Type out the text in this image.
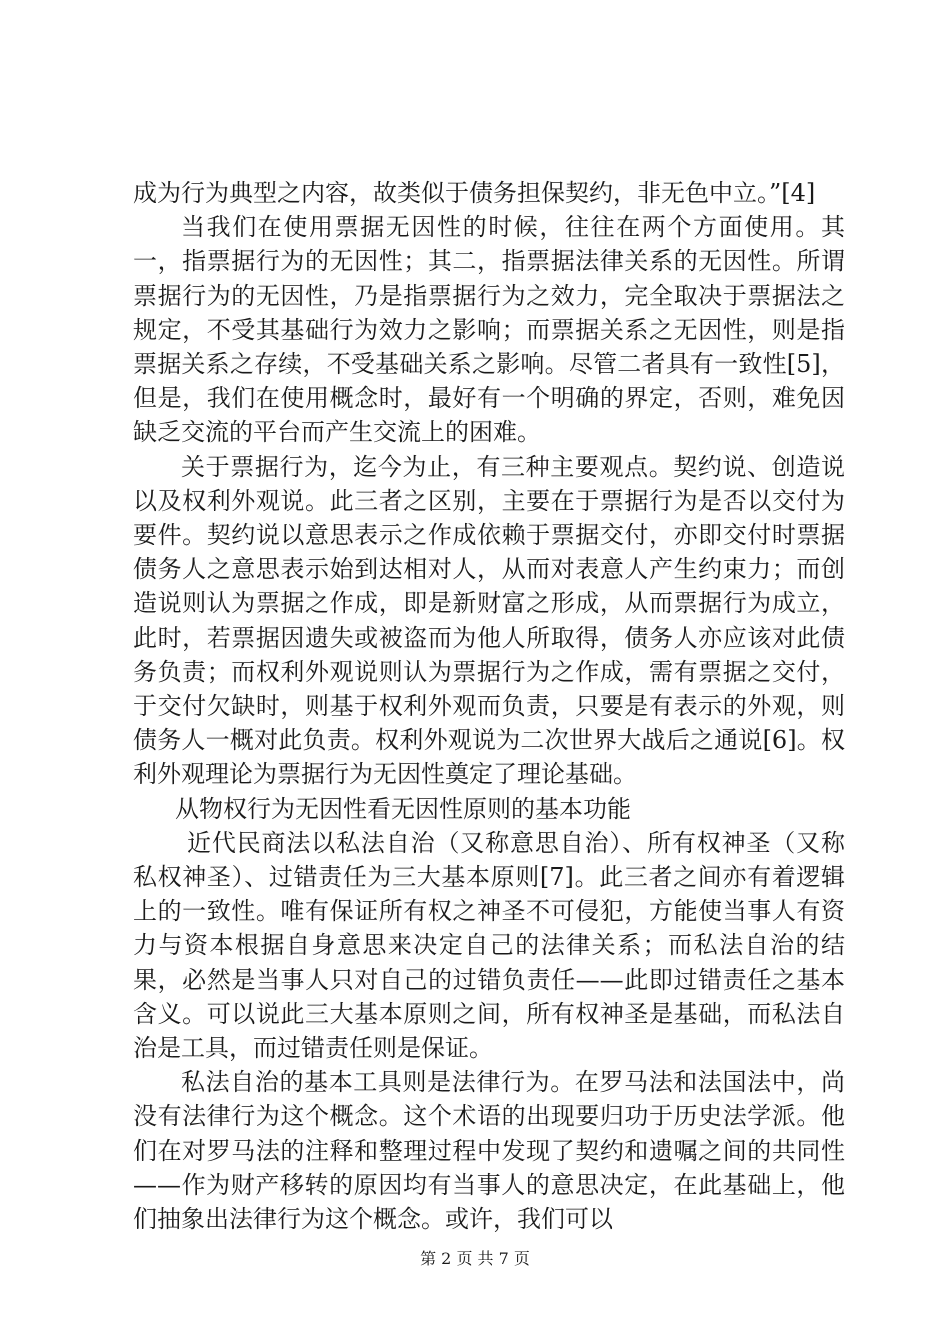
成为行为典型之内容，故类似于债务担保契约，非无色中立。”[4]

当我们在使用票据无因性的时候，往往在两个方面使用。其一，指票据行为的无因性；其二，指票据法律关系的无因性。所谓票据行为的无因性，乃是指票据行为之效力，完全取决于票据法之规定，不受其基础行为效力之影响；而票据关系之无因性，则是指票据关系之存续，不受基础关系之影响。尽管二者具有一致性[5]，但是，我们在使用概念时，最好有一个明确的界定，否则，难免因缺乏交流的平台而产生交流上的困难。

关于票据行为，迄今为止，有三种主要观点。契约说、创造说以及权利外观说。此三者之区别，主要在于票据行为是否以交付为要件。契约说以意思表示之作成依赖于票据交付，亦即交付时票据债务人之意思表示始到达相对人，从而对表意人产生约束力；而创造说则认为票据之作成，即是新财富之形成，从而票据行为成立，此时，若票据因遗失或被盗而为他人所取得，债务人亦应该对此债务负责；而权利外观说则认为票据行为之作成，需有票据之交付，于交付欠缺时，则基于权利外观而负责，只要是有表示的外观，则债务人一概对此负责。权利外观说为二次世界大战后之通说[6]。权利外观理论为票据行为无因性奠定了理论基础。

从物权行为无因性看无因性原则的基本功能

近代民商法以私法自治（又称意思自治）、所有权神圣（又称私权神圣）、过错责任为三大基本原则[7]。此三者之间亦有着逻辑上的一致性。唯有保证所有权之神圣不可侵犯，方能使当事人有资力与资本根据自身意思来决定自己的法律关系；而私法自治的结果，必然是当事人只对自己的过错负责任——此即过错责任之基本含义。可以说此三大基本原则之间，所有权神圣是基础，而私法自治是工具，而过错责任则是保证。

私法自治的基本工具则是法律行为。在罗马法和法国法中，尚没有法律行为这个概念。这个术语的出现要归功于历史法学派。他们在对罗马法的注释和整理过程中发现了契约和遗嘱之间的共同性——作为财产移转的原因均有当事人的意思决定，在此基础上，他们抽象出法律行为这个概念。或许，我们可以

第 2 页 共 7 页
